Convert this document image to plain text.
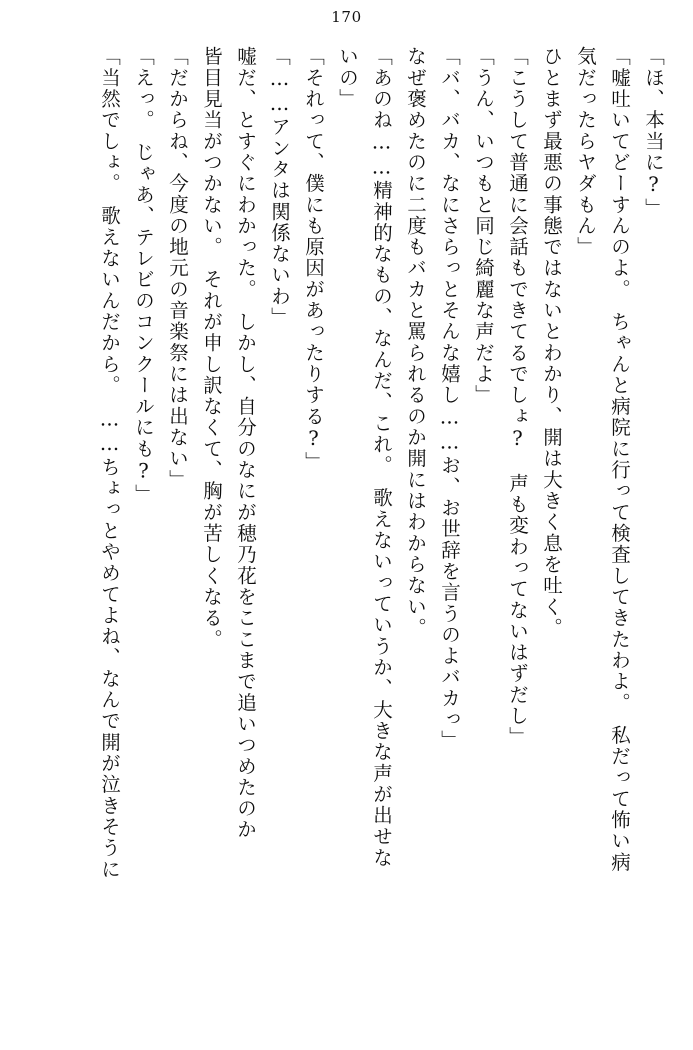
170
「ほ、本当に?」
「嘘吐いてどーすんのよ。　ちゃんと病院に行って検査してきたわよ。　私だって怖い病
気だったらヤダもん」
ひとまず最悪の事態ではないとわかり、開は大きく息を吐く。
「こうして普通に会話もできてるでしょ?　声も変わってないはずだし」
「うん、いつもと同じ綺麗な声だよ」
「バ、バカ、なにさらっとそんな嬉し……お、お世辞を言うのよバカっ」
なぜ褒めたのに二度もバカと罵られるのか開にはわからない。
「あのね……精神的なもの、なんだ、これ。　歌えないっていうか、大きな声が出せな
いの」
「それって、僕にも原因があったりする?」
「……アンタは関係ないわ」
嘘だ、とすぐにわかった。　しかし、自分のなにが穂乃花をここまで追いつめたのか
皆目見当がつかない。　それが申し訳なくて、胸が苦しくなる。
「だからね、今度の地元の音楽祭には出ない」
「えっ。　じゃあ、テレビのコンクールにも?」
「当然でしょ。　歌えないんだから。　……ちょっとやめてよね、なんで開が泣きそうに
